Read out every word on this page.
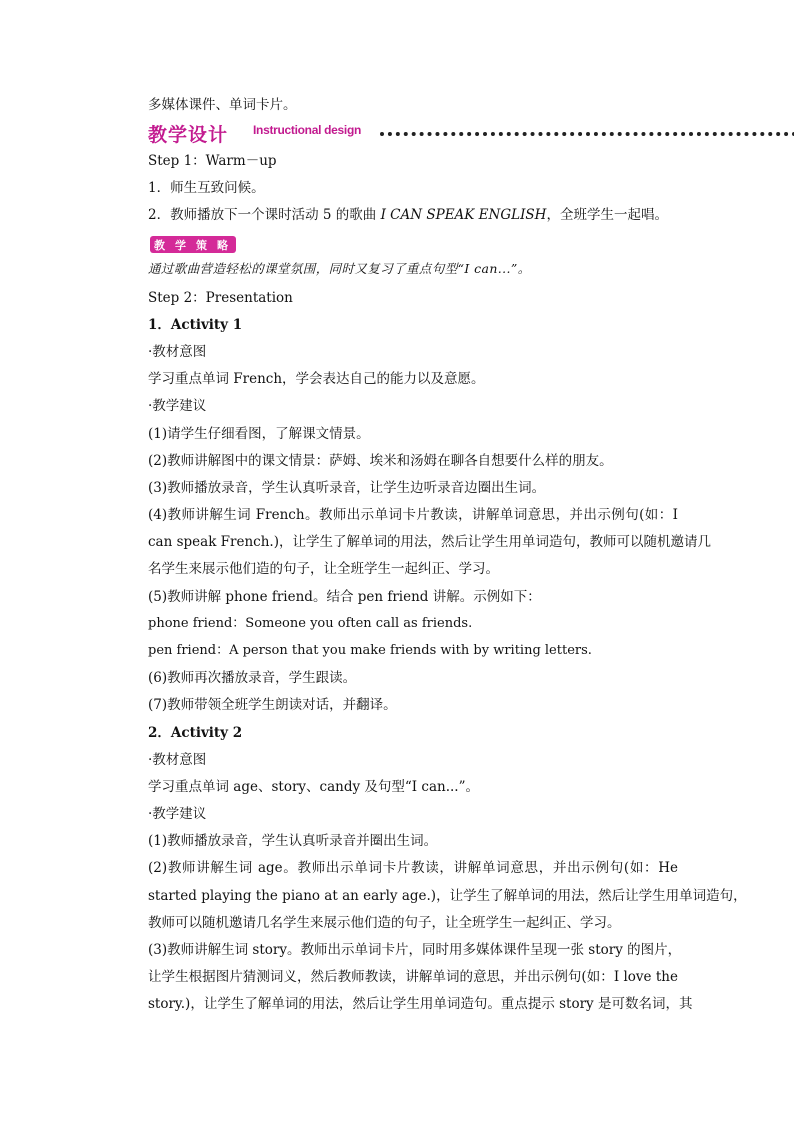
多媒体课件、单词卡片。
教学设计 Instructional design
Step 1：Warm－up
1．师生互致问候。
2．教师播放下一个课时活动 5 的歌曲 I CAN SPEAK ENGLISH，全班学生一起唱。
教 学 策 略
通过歌曲营造轻松的课堂氛围，同时又复习了重点句型“I can...”。
Step 2：Presentation
1．Activity 1
·教材意图
学习重点单词 French，学会表达自己的能力以及意愿。
·教学建议
(1)请学生仔细看图，了解课文情景。
(2)教师讲解图中的课文情景：萨姆、埃米和汤姆在聊各自想要什么样的朋友。
(3)教师播放录音，学生认真听录音，让学生边听录音边圈出生词。
(4)教师讲解生词 French。教师出示单词卡片教读，讲解单词意思，并出示例句(如：I
can speak French.)，让学生了解单词的用法，然后让学生用单词造句，教师可以随机邀请几
名学生来展示他们造的句子，让全班学生一起纠正、学习。
(5)教师讲解 phone friend。结合 pen friend 讲解。示例如下：
phone friend：Someone you often call as friends.
pen friend：A person that you make friends with by writing letters.
(6)教师再次播放录音，学生跟读。
(7)教师带领全班学生朗读对话，并翻译。
2．Activity 2
·教材意图
学习重点单词 age、story、candy 及句型“I can...”。
·教学建议
(1)教师播放录音，学生认真听录音并圈出生词。
(2)教师讲解生词 age。教师出示单词卡片教读，讲解单词意思，并出示例句(如：He
started playing the piano at an early age.)，让学生了解单词的用法，然后让学生用单词造句，
教师可以随机邀请几名学生来展示他们造的句子，让全班学生一起纠正、学习。
(3)教师讲解生词 story。教师出示单词卡片，同时用多媒体课件呈现一张 story 的图片，
让学生根据图片猜测词义，然后教师教读，讲解单词的意思，并出示例句(如：I love the
story.)，让学生了解单词的用法，然后让学生用单词造句。重点提示 story 是可数名词，其
